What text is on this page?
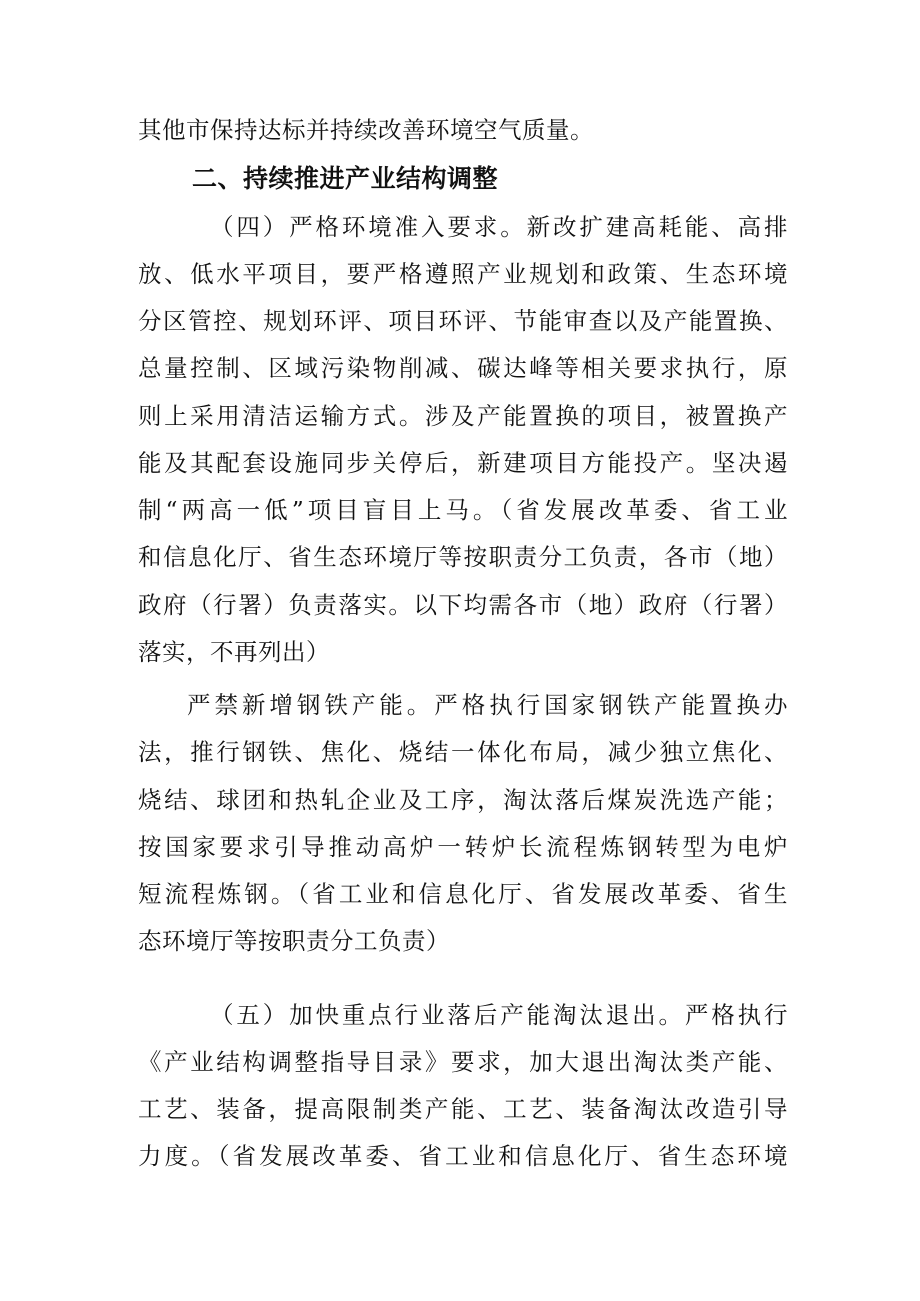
其他市保持达标并持续改善环境空气质量。
二、持续推进产业结构调整
（四）严格环境准入要求。新改扩建高耗能、高排
放、低水平项目，要严格遵照产业规划和政策、生态环境
分区管控、规划环评、项目环评、节能审查以及产能置换、
总量控制、区域污染物削减、碳达峰等相关要求执行，原
则上采用清洁运输方式。涉及产能置换的项目，被置换产
能及其配套设施同步关停后，新建项目方能投产。坚决遏
制“两高一低”项目盲目上马。（省发展改革委、省工业
和信息化厅、省生态环境厅等按职责分工负责，各市（地）
政府（行署）负责落实。以下均需各市（地）政府（行署）
落实，不再列出）
严禁新增钢铁产能。严格执行国家钢铁产能置换办
法，推行钢铁、焦化、烧结一体化布局，减少独立焦化、
烧结、球团和热轧企业及工序，淘汰落后煤炭洗选产能；
按国家要求引导推动高炉一转炉长流程炼钢转型为电炉
短流程炼钢。（省工业和信息化厅、省发展改革委、省生
态环境厅等按职责分工负责）
（五）加快重点行业落后产能淘汰退出。严格执行
《产业结构调整指导目录》要求，加大退出淘汰类产能、
工艺、装备，提高限制类产能、工艺、装备淘汰改造引导
力度。（省发展改革委、省工业和信息化厅、省生态环境
